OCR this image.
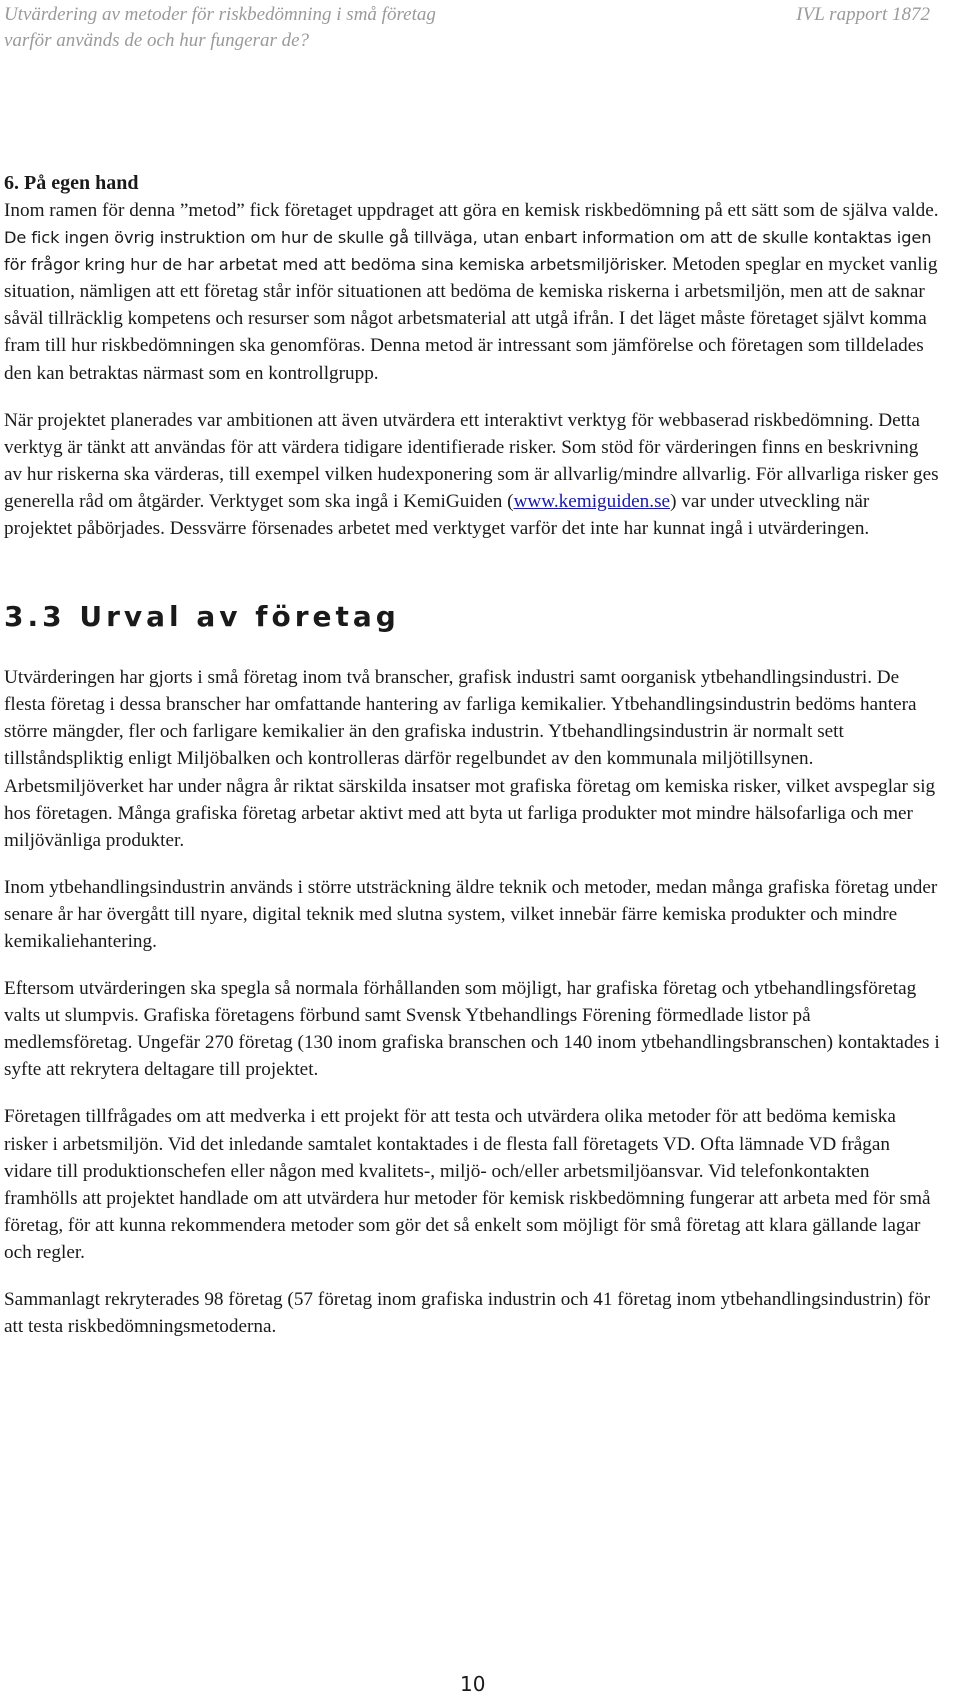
Utvärdering av metoder för riskbedömning i små företag
varför används de och hur fungerar de?
IVL rapport 1872
6. På egen hand

Inom ramen för denna ”metod” fick företaget uppdraget att göra en kemisk riskbedömning på ett sätt som de själva valde. De fick ingen övrig instruktion om hur de skulle gå tillväga, utan enbart information om att de skulle kontaktas igen för frågor kring hur de har arbetat med att bedöma sina kemiska arbetsmiljörisker. Metoden speglar en mycket vanlig situation, nämligen att ett företag står inför situationen att bedöma de kemiska riskerna i arbetsmiljön, men att de saknar såväl tillräcklig kompetens och resurser som något arbetsmaterial att utgå ifrån. I det läget måste företaget självt komma fram till hur riskbedömningen ska genomföras. Denna metod är intressant som jämförelse och företagen som tilldelades den kan betraktas närmast som en kontrollgrupp.

När projektet planerades var ambitionen att även utvärdera ett interaktivt verktyg för webbaserad riskbedömning. Detta verktyg är tänkt att användas för att värdera tidigare identifierade risker. Som stöd för värderingen finns en beskrivning av hur riskerna ska värderas, till exempel vilken hudexponering som är allvarlig/mindre allvarlig. För allvarliga risker ges generella råd om åtgärder. Verktyget som ska ingå i KemiGuiden (www.kemiguiden.se) var under utveckling när projektet påbörjades. Dessvärre försenades arbetet med verktyget varför det inte har kunnat ingå i utvärderingen.

3.3 Urval av företag

Utvärderingen har gjorts i små företag inom två branscher, grafisk industri samt oorganisk ytbehandlingsindustri. De flesta företag i dessa branscher har omfattande hantering av farliga kemikalier. Ytbehandlingsindustrin bedöms hantera större mängder, fler och farligare kemikalier än den grafiska industrin. Ytbehandlingsindustrin är normalt sett tillståndspliktig enligt Miljöbalken och kontrolleras därför regelbundet av den kommunala miljötillsynen. Arbetsmiljöverket har under några år riktat särskilda insatser mot grafiska företag om kemiska risker, vilket avspeglar sig hos företagen. Många grafiska företag arbetar aktivt med att byta ut farliga produkter mot mindre hälsofarliga och mer miljövänliga produkter.

Inom ytbehandlingsindustrin används i större utsträckning äldre teknik och metoder, medan många grafiska företag under senare år har övergått till nyare, digital teknik med slutna system, vilket innebär färre kemiska produkter och mindre kemikaliehantering.

Eftersom utvärderingen ska spegla så normala förhållanden som möjligt, har grafiska företag och ytbehandlingsföretag valts ut slumpvis. Grafiska företagens förbund samt Svensk Ytbehandlings Förening förmedlade listor på medlemsföretag. Ungefär 270 företag (130 inom grafiska branschen och 140 inom ytbehandlingsbranschen) kontaktades i syfte att rekrytera deltagare till projektet.

Företagen tillfrågades om att medverka i ett projekt för att testa och utvärdera olika metoder för att bedöma kemiska risker i arbetsmiljön. Vid det inledande samtalet kontaktades i de flesta fall företagets VD. Ofta lämnade VD frågan vidare till produktionschefen eller någon med kvalitets-, miljö- och/eller arbetsmiljöansvar. Vid telefonkontakten framhölls att projektet handlade om att utvärdera hur metoder för kemisk riskbedömning fungerar att arbeta med för små företag, för att kunna rekommendera metoder som gör det så enkelt som möjligt för små företag att klara gällande lagar och regler.

Sammanlagt rekryterades 98 företag (57 företag inom grafiska industrin och 41 företag inom ytbehandlingsindustrin) för att testa riskbedömningsmetoderna.

10
